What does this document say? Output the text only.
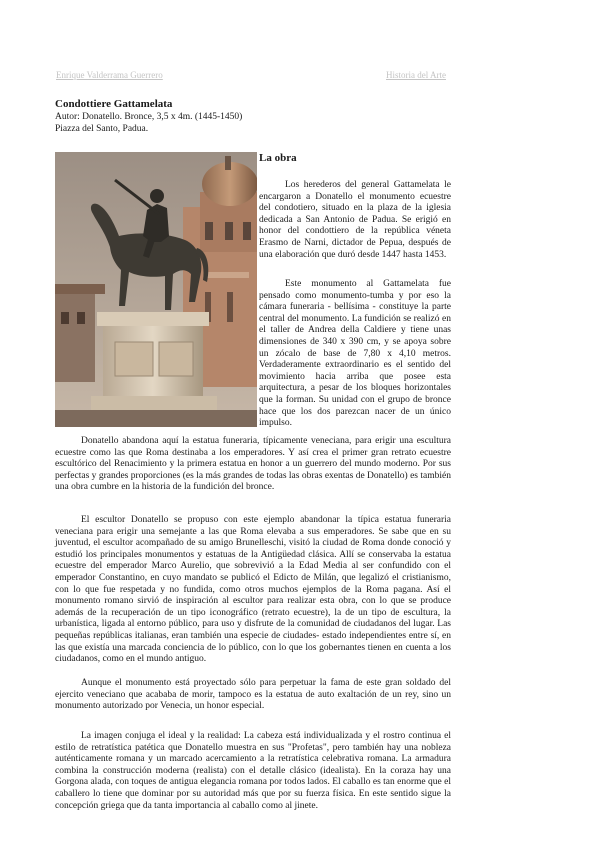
Enrique Valderrama Guerrero	Historia del Arte
Condottiere Gattamelata
Autor: Donatello. Bronce, 3,5 x 4m. (1445-1450)
Piazza del Santo, Padua.
La obra

Los herederos del general Gattamelata le encargaron a Donatello el monumento ecuestre del condotiero, situado en la plaza de la iglesia dedicada a San Antonio de Padua. Se erigió en honor del condottiero de la república véneta Erasmo de Narni, dictador de Pepua, después de una elaboración que duró desde 1447 hasta 1453.

Este monumento al Gattamelata fue pensado como monumento-tumba y por eso la cámara funeraria - bellísima - constituye la parte central del monumento. La fundición se realizó en el taller de Andrea della Caldiere y tiene unas dimensiones de 340 x 390 cm, y se apoya sobre un zócalo de base de 7,80 x 4,10 metros. Verdaderamente extraordinario es el sentido del movimiento hacia arriba que posee esta arquitectura, a pesar de los bloques horizontales que la forman. Su unidad con el grupo de bronce hace que los dos parezcan nacer de un único impulso.

Donatello abandona aquí la estatua funeraria, típicamente veneciana, para erigir una escultura ecuestre como las que Roma destinaba a los emperadores. Y así crea el primer gran retrato ecuestre escultórico del Renacimiento y la primera estatua en honor a un guerrero del mundo moderno. Por sus perfectas y grandes proporciones (es la más grandes de todas las obras exentas de Donatello) es también una obra cumbre en la historia de la fundición del bronce.

El escultor Donatello se propuso con este ejemplo abandonar la típica estatua funeraria veneciana para erigir una semejante a las que Roma elevaba a sus emperadores. Se sabe que en su juventud, el escultor acompañado de su amigo Brunelleschi, visitó la ciudad de Roma donde conoció y estudió los principales monumentos y estatuas de la Antigüedad clásica. Allí se conservaba la estatua ecuestre del emperador Marco Aurelio, que sobrevivió a la Edad Media al ser confundido con el emperador Constantino, en cuyo mandato se publicó el Edicto de Milán, que legalizó el cristianismo, con lo que fue respetada y no fundida, como otros muchos ejemplos de la Roma pagana. Así el monumento romano sirvió de inspiración al escultor para realizar esta obra, con lo que se produce además de la recuperación de un tipo iconográfico (retrato ecuestre), la de un tipo de escultura, la urbanística, ligada al entorno público, para uso y disfrute de la comunidad de ciudadanos del lugar. Las pequeñas repúblicas italianas, eran también una especie de ciudades- estado independientes entre sí, en las que existía una marcada conciencia de lo público, con lo que los gobernantes tienen en cuenta a los ciudadanos, como en el mundo antiguo.

Aunque el monumento está proyectado sólo para perpetuar la fama de este gran soldado del ejercito veneciano que acababa de morir, tampoco es la estatua de auto exaltación de un rey, sino un monumento autorizado por Venecia, un honor especial.

La imagen conjuga el ideal y la realidad: La cabeza está individualizada y el rostro continua el estilo de retratística patética que Donatello muestra en sus "Profetas", pero también hay una nobleza auténticamente romana y un marcado acercamiento a la retratística celebrativa romana. La armadura combina la construcción moderna (realista) con el detalle clásico (idealista). En la coraza hay una Gorgona alada, con toques de antigua elegancia romana por todos lados. El caballo es tan enorme que el caballero lo tiene que dominar por su autoridad más que por su fuerza física. En este sentido sigue la concepción griega que da tanta importancia al caballo como al jinete.
